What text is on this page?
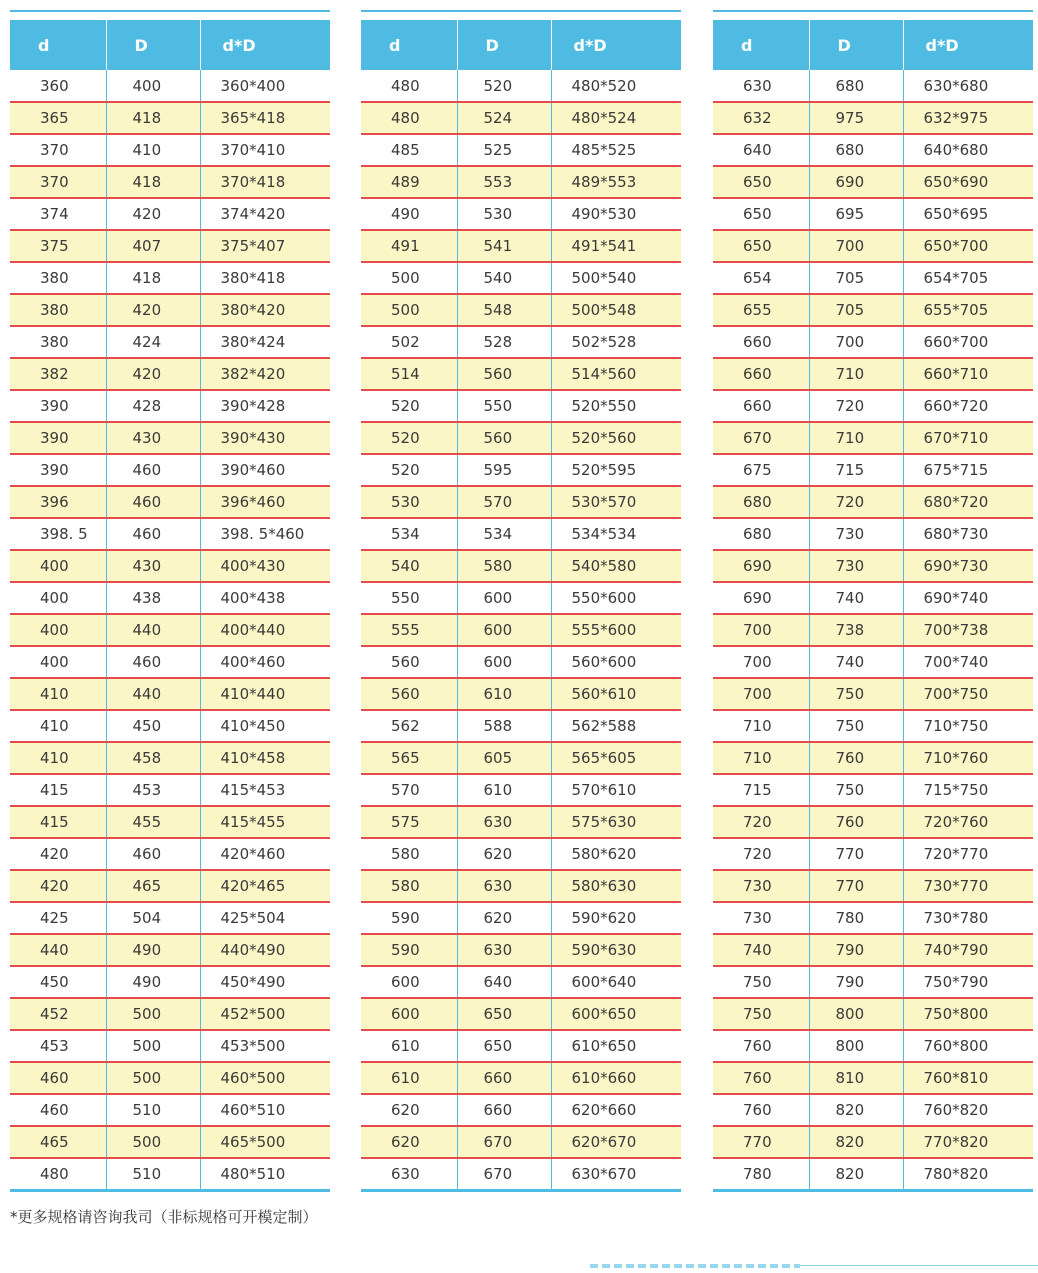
d	D	d*D
360	400	360*400
365	418	365*418
370	410	370*410
370	418	370*418
374	420	374*420
375	407	375*407
380	418	380*418
380	420	380*420
380	424	380*424
382	420	382*420
390	428	390*428
390	430	390*430
390	460	390*460
396	460	396*460
398. 5	460	398. 5*460
400	430	400*430
400	438	400*438
400	440	400*440
400	460	400*460
410	440	410*440
410	450	410*450
410	458	410*458
415	453	415*453
415	455	415*455
420	460	420*460
420	465	420*465
425	504	425*504
440	490	440*490
450	490	450*490
452	500	452*500
453	500	453*500
460	500	460*500
460	510	460*510
465	500	465*500
480	510	480*510
d	D	d*D
480	520	480*520
480	524	480*524
485	525	485*525
489	553	489*553
490	530	490*530
491	541	491*541
500	540	500*540
500	548	500*548
502	528	502*528
514	560	514*560
520	550	520*550
520	560	520*560
520	595	520*595
530	570	530*570
534	534	534*534
540	580	540*580
550	600	550*600
555	600	555*600
560	600	560*600
560	610	560*610
562	588	562*588
565	605	565*605
570	610	570*610
575	630	575*630
580	620	580*620
580	630	580*630
590	620	590*620
590	630	590*630
600	640	600*640
600	650	600*650
610	650	610*650
610	660	610*660
620	660	620*660
620	670	620*670
630	670	630*670
d	D	d*D
630	680	630*680
632	975	632*975
640	680	640*680
650	690	650*690
650	695	650*695
650	700	650*700
654	705	654*705
655	705	655*705
660	700	660*700
660	710	660*710
660	720	660*720
670	710	670*710
675	715	675*715
680	720	680*720
680	730	680*730
690	730	690*730
690	740	690*740
700	738	700*738
700	740	700*740
700	750	700*750
710	750	710*750
710	760	710*760
715	750	715*750
720	760	720*760
720	770	720*770
730	770	730*770
730	780	730*780
740	790	740*790
750	790	750*790
750	800	750*800
760	800	760*800
760	810	760*810
760	820	760*820
770	820	770*820
780	820	780*820
*更多规格请咨询我司（非标规格可开模定制）
